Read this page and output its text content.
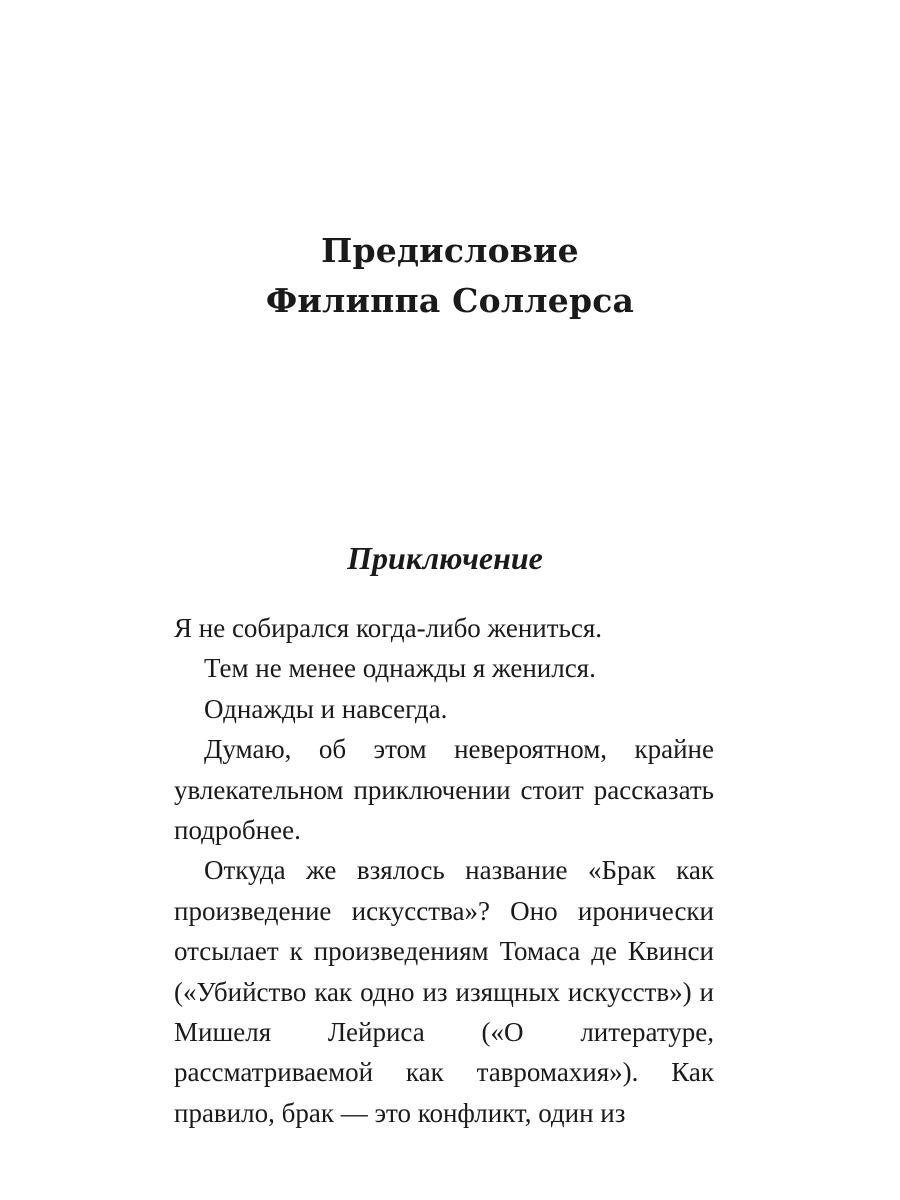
Предисловие
Филиппа Соллерса
Приключение

Я не собирался когда-либо жениться.

Тем не менее однажды я женился.

Однажды и навсегда.

Думаю, об этом невероятном, крайне увлекательном приключении стоит рассказать подробнее.

Откуда же взялось название «Брак как произведение искусства»? Оно иронически отсылает к произведениям Томаса де Квинси («Убийство как одно из изящных искусств») и Мишеля Лейриса («О литературе, рассматриваемой как тавромахия»). Как правило, брак — это конфликт, один из
